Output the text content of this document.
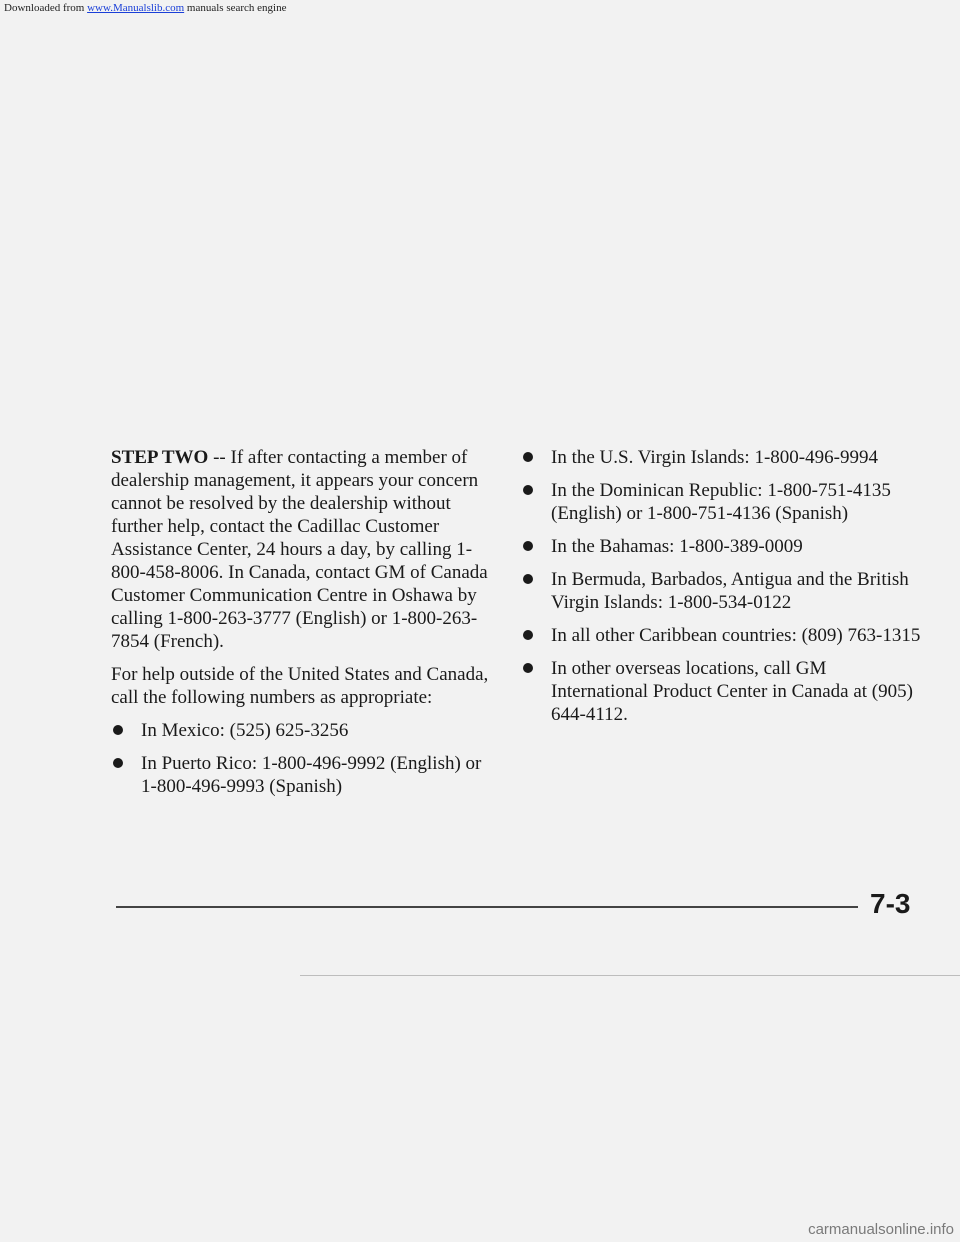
Downloaded from www.Manualslib.com manuals search engine

STEP TWO -- If after contacting a member of dealership management, it appears your concern cannot be resolved by the dealership without further help, contact the Cadillac Customer Assistance Center, 24 hours a day, by calling 1-800-458-8006. In Canada, contact GM of Canada Customer Communication Centre in Oshawa by calling 1-800-263-3777 (English) or 1-800-263-7854 (French).

For help outside of the United States and Canada, call the following numbers as appropriate:

In Mexico: (525) 625-3256
In Puerto Rico: 1-800-496-9992 (English) or 1-800-496-9993 (Spanish)
In the U.S. Virgin Islands: 1-800-496-9994
In the Dominican Republic: 1-800-751-4135 (English) or 1-800-751-4136 (Spanish)
In the Bahamas: 1-800-389-0009
In Bermuda, Barbados, Antigua and the British Virgin Islands: 1-800-534-0122
In all other Caribbean countries: (809) 763-1315
In other overseas locations, call GM International Product Center in Canada at (905) 644-4112.
7-3
carmanualsonline.info
